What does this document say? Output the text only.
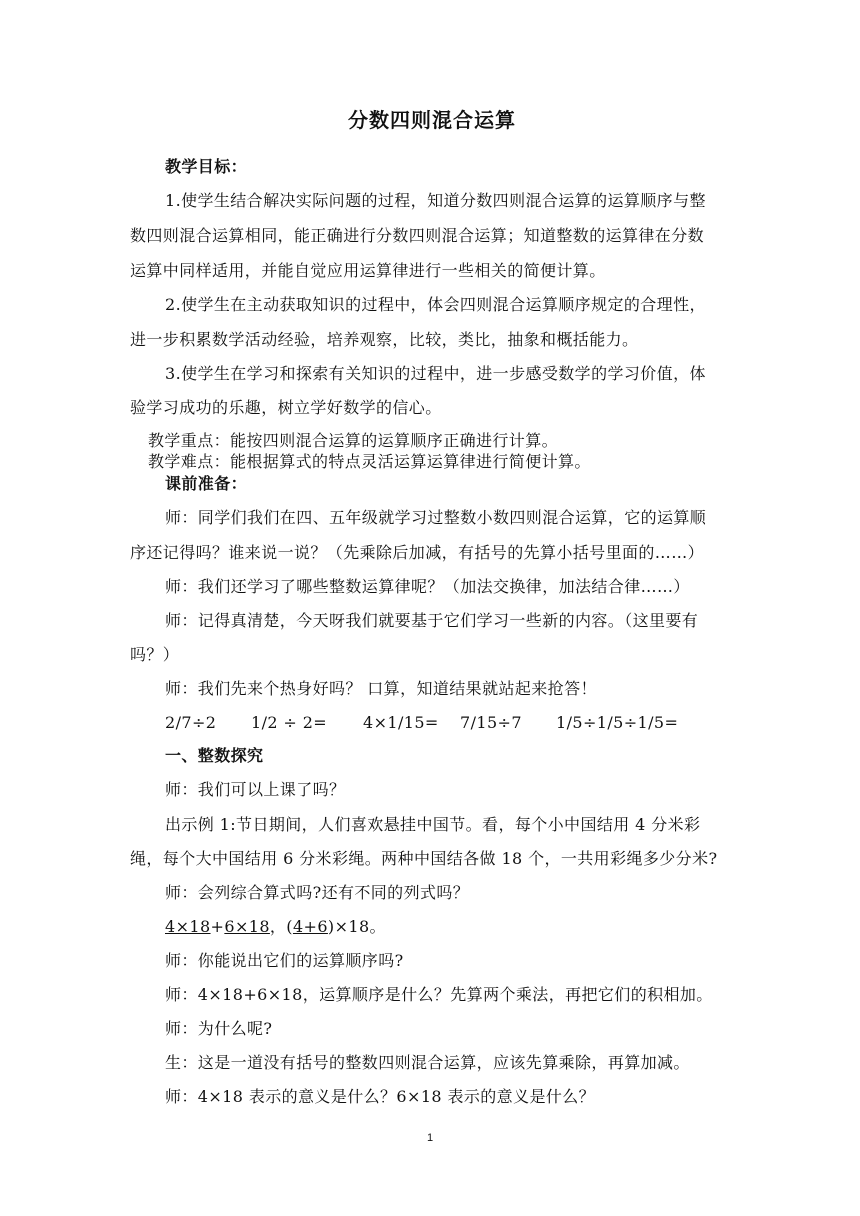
分数四则混合运算
教学目标：
1.使学生结合解决实际问题的过程，知道分数四则混合运算的运算顺序与整
数四则混合运算相同，能正确进行分数四则混合运算；知道整数的运算律在分数
运算中同样适用，并能自觉应用运算律进行一些相关的简便计算。
2.使学生在主动获取知识的过程中，体会四则混合运算顺序规定的合理性，
进一步积累数学活动经验，培养观察，比较，类比，抽象和概括能力。
3.使学生在学习和探索有关知识的过程中，进一步感受数学的学习价值，体
验学习成功的乐趣，树立学好数学的信心。
教学重点：能按四则混合运算的运算顺序正确进行计算。
教学难点：能根据算式的特点灵活运算运算律进行简便计算。
课前准备：
师：同学们我们在四、五年级就学习过整数小数四则混合运算，它的运算顺
序还记得吗？谁来说一说？（先乘除后加减，有括号的先算小括号里面的……）
师：我们还学习了哪些整数运算律呢？（加法交换律，加法结合律……）
师：记得真清楚，今天呀我们就要基于它们学习一些新的内容。（这里要有
吗？）
师：我们先来个热身好吗？ 口算，知道结果就站起来抢答！
2/7÷2 1/2 ÷ 2= 4×1/15= 7/15÷7 1/5÷1/5÷1/5=
一、整数探究
师：我们可以上课了吗？
出示例 1:节日期间，人们喜欢悬挂中国节。看，每个小中国结用 4 分米彩
绳，每个大中国结用 6 分米彩绳。两种中国结各做 18 个，一共用彩绳多少分米?
师：会列综合算式吗?还有不同的列式吗？
4×18+6×18，(4+6)×18。
师：你能说出它们的运算顺序吗?
师：4×18+6×18，运算顺序是什么？先算两个乘法，再把它们的积相加。
师：为什么呢?
生：这是一道没有括号的整数四则混合运算，应该先算乘除，再算加减。
师：4×18 表示的意义是什么？6×18 表示的意义是什么？
1
